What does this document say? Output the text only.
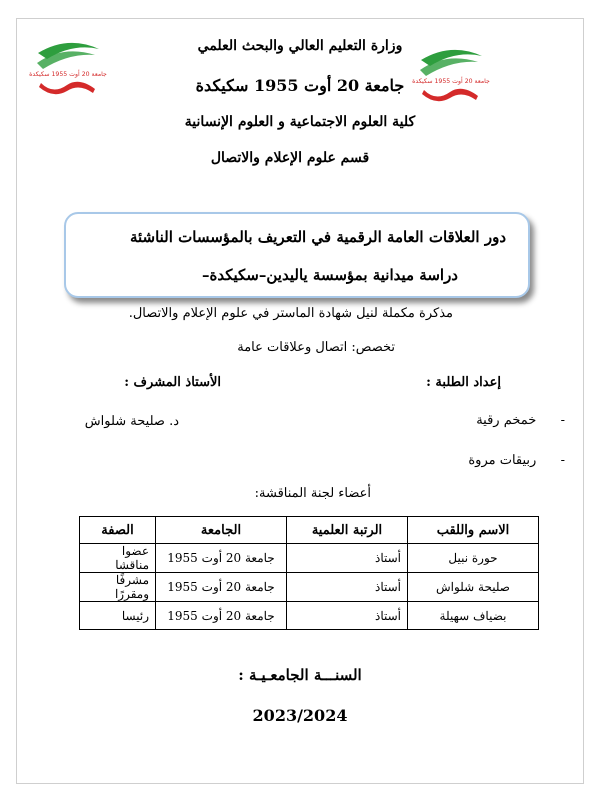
جامعة 20 أوت 1955 سكيكدة
جامعة 20 أوت 1955 سكيكدة
وزارة التعليم العالي والبحث العلمي
جامعة 20 أوت 1955 سكيكدة
كلية العلوم الاجتماعية و العلوم الإنسانية
قسم علوم الإعلام والاتصال
دور العلاقات العامة الرقمية في التعريف بالمؤسسات الناشئة
دراسة ميدانية بمؤسسة ياليدين–سكيكدة–
مذكرة مكملة لنيل شهادة الماستر في علوم الإعلام والاتصال.
تخصص: اتصال وعلاقات عامة
إعداد الطلبة :
الأستاذ المشرف :
-  خمخم رقية
-  ربيقات مروة
د. صليحة شلواش
أعضاء لجنة المناقشة:
الاسم واللقب	الرتبة العلمية	الجامعة	الصفة
حورة نبيل	أستاذ	جامعة 20 أوت 1955	عضوا مناقشا
صليحة شلواش	أستاذ	جامعة 20 أوت 1955	مشرفًا ومقررًا
بضياف سهيلة	أستاذ	جامعة 20 أوت 1955	رئيسا
السنـــة الجامعـيـة :
2023/2024
